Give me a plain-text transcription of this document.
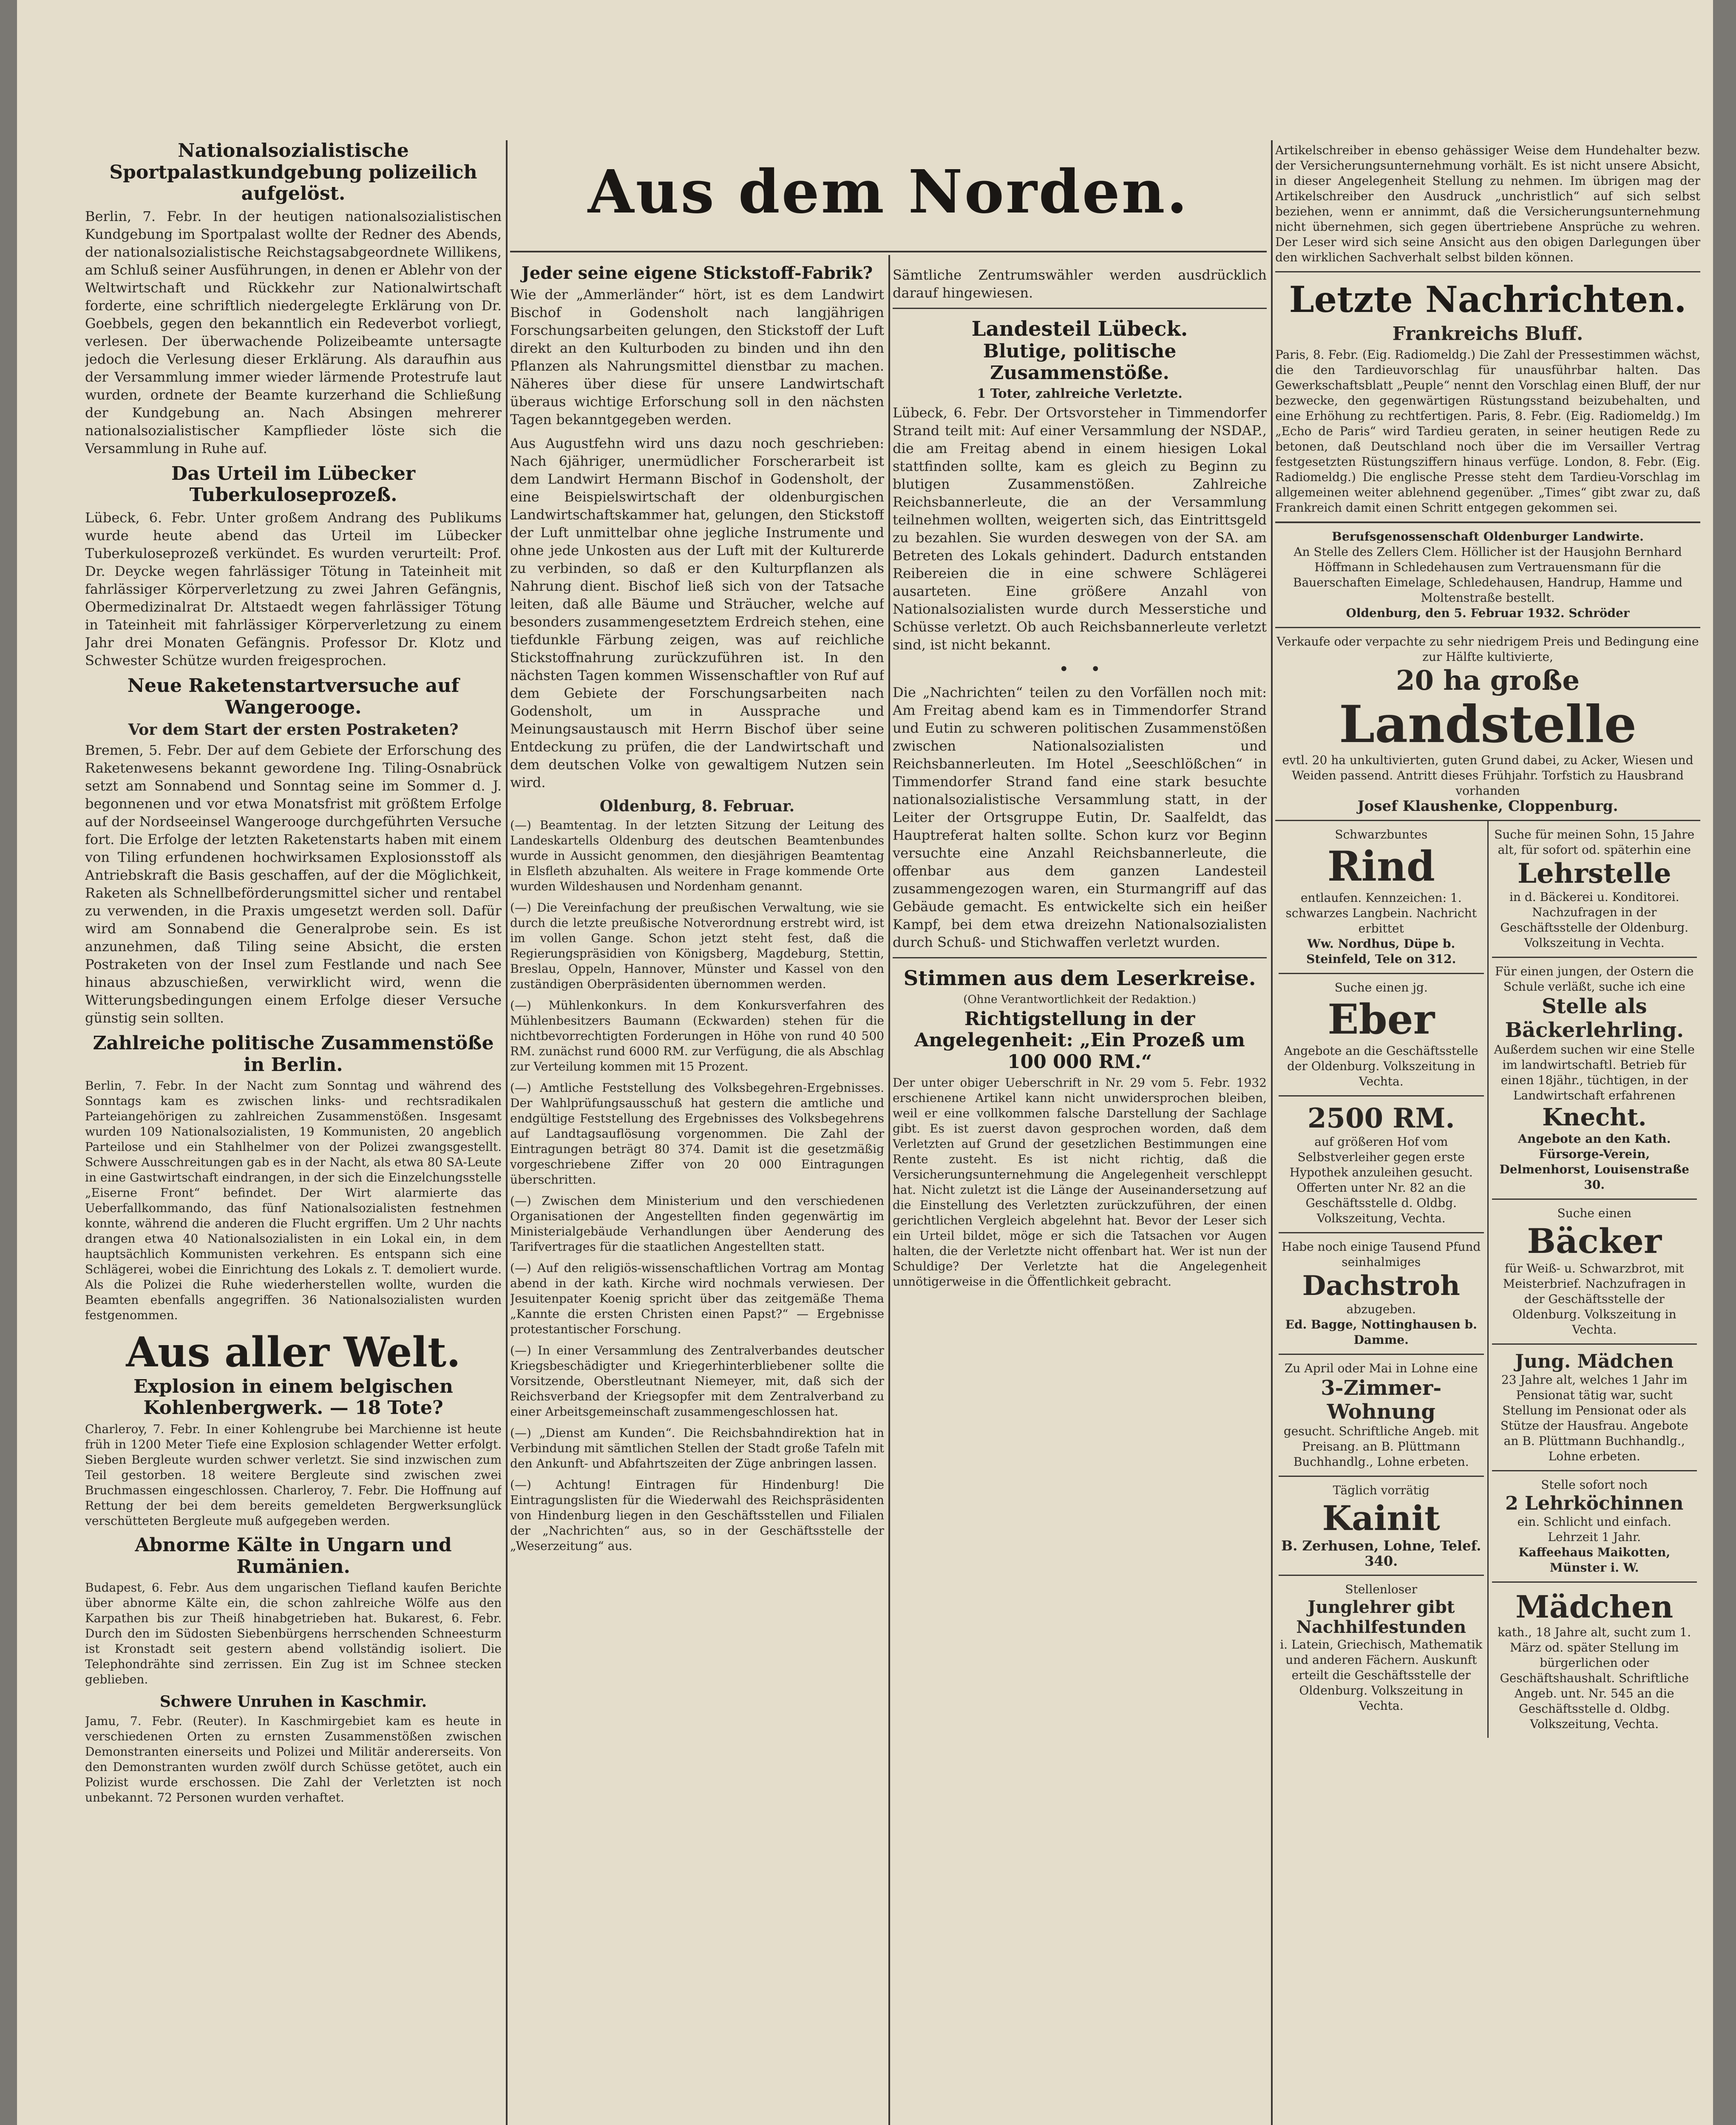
Aus dem Norden.
Nationalsozialistische Sportpalastkundgebung polizeilich aufgelöst.

Berlin, 7. Febr. In der heutigen nationalsozialistischen Kundgebung im Sportpalast wollte der Redner des Abends, der nationalsozialistische Reichstagsabgeordnete Willikens, am Schluß seiner Ausführungen, in denen er Ablehr von der Weltwirtschaft und Rückkehr zur Nationalwirtschaft forderte, eine schriftlich niedergelegte Erklärung von Dr. Goebbels, gegen den bekanntlich ein Redeverbot vorliegt, verlesen. Der überwachende Polizeibeamte untersagte jedoch die Verlesung dieser Erklärung. Als daraufhin aus der Versammlung immer wieder lärmende Protestrufe laut wurden, ordnete der Beamte kurzerhand die Schließung der Kundgebung an. Nach Absingen mehrerer nationalsozialistischer Kampflieder löste sich die Versammlung in Ruhe auf.

Das Urteil im Lübecker Tuberkuloseprozeß.

Lübeck, 6. Febr. Unter großem Andrang des Publikums wurde heute abend das Urteil im Lübecker Tuberkuloseprozeß verkündet. Es wurden verurteilt: Prof. Dr. Deycke wegen fahrlässiger Tötung in Tateinheit mit fahrlässiger Körperverletzung zu zwei Jahren Gefängnis, Obermedizinalrat Dr. Altstaedt wegen fahrlässiger Tötung in Tateinheit mit fahrlässiger Körperverletzung zu einem Jahr drei Monaten Gefängnis. Professor Dr. Klotz und Schwester Schütze wurden freigesprochen.

Neue Raketenstartversuche auf Wangerooge.
Vor dem Start der ersten Postraketen?

Bremen, 5. Febr. Der auf dem Gebiete der Erforschung des Raketenwesens bekannt gewordene Ing. Tiling-Osnabrück setzt am Sonnabend und Sonntag seine im Sommer d. J. begonnenen und vor etwa Monatsfrist mit größtem Erfolge auf der Nordseeinsel Wangerooge durchgeführten Versuche fort. Die Erfolge der letzten Raketenstarts haben mit einem von Tiling erfundenen hochwirksamen Explosionsstoff als Antriebskraft die Basis geschaffen, auf der die Möglichkeit, Raketen als Schnellbeförderungsmittel sicher und rentabel zu verwenden, in die Praxis umgesetzt werden soll. Dafür wird am Sonnabend die Generalprobe sein. Es ist anzunehmen, daß Tiling seine Absicht, die ersten Postraketen von der Insel zum Festlande und nach See hinaus abzuschießen, verwirklicht wird, wenn die Witterungsbedingungen einem Erfolge dieser Versuche günstig sein sollten.

Zahlreiche politische Zusammenstöße in Berlin.

Berlin, 7. Febr. In der Nacht zum Sonntag und während des Sonntags kam es zwischen links- und rechtsradikalen Parteiangehörigen zu zahlreichen Zusammenstößen. Insgesamt wurden 109 Nationalsozialisten, 19 Kommunisten, 20 angeblich Parteilose und ein Stahlhelmer von der Polizei zwangsgestellt. Schwere Ausschreitungen gab es in der Nacht, als etwa 80 SA-Leute in eine Gastwirtschaft eindrangen, in der sich die Einzelchungsstelle „Eiserne Front“ befindet. Der Wirt alarmierte das Ueberfallkommando, das fünf Nationalsozialisten festnehmen konnte, während die anderen die Flucht ergriffen. Um 2 Uhr nachts drangen etwa 40 Nationalsozialisten in ein Lokal ein, in dem hauptsächlich Kommunisten verkehren. Es entspann sich eine Schlägerei, wobei die Einrichtung des Lokals z. T. demoliert wurde. Als die Polizei die Ruhe wiederherstellen wollte, wurden die Beamten ebenfalls angegriffen. 36 Nationalsozialisten wurden festgenommen.

Aus aller Welt.
Explosion in einem belgischen Kohlenbergwerk. — 18 Tote?

Charleroy, 7. Febr. In einer Kohlengrube bei Marchienne ist heute früh in 1200 Meter Tiefe eine Explosion schlagender Wetter erfolgt. Sieben Bergleute wurden schwer verletzt. Sie sind inzwischen zum Teil gestorben. 18 weitere Bergleute sind zwischen zwei Bruchmassen eingeschlossen. Charleroy, 7. Febr. Die Hoffnung auf Rettung der bei dem bereits gemeldeten Bergwerksunglück verschütteten Bergleute muß aufgegeben werden.

Abnorme Kälte in Ungarn und Rumänien.

Budapest, 6. Febr. Aus dem ungarischen Tiefland kaufen Berichte über abnorme Kälte ein, die schon zahlreiche Wölfe aus den Karpathen bis zur Theiß hinabgetrieben hat. Bukarest, 6. Febr. Durch den im Südosten Siebenbürgens herrschenden Schneesturm ist Kronstadt seit gestern abend vollständig isoliert. Die Telephondrähte sind zerrissen. Ein Zug ist im Schnee stecken geblieben.

Schwere Unruhen in Kaschmir.

Jamu, 7. Febr. (Reuter). In Kaschmirgebiet kam es heute in verschiedenen Orten zu ernsten Zusammenstößen zwischen Demonstranten einerseits und Polizei und Militär andererseits. Von den Demonstranten wurden zwölf durch Schüsse getötet, auch ein Polizist wurde erschossen. Die Zahl der Verletzten ist noch unbekannt. 72 Personen wurden verhaftet.

Jeder seine eigene Stickstoff-Fabrik?

Wie der „Ammerländer“ hört, ist es dem Landwirt Bischof in Godensholt nach langjährigen Forschungsarbeiten gelungen, den Stickstoff der Luft direkt an den Kulturboden zu binden und ihn den Pflanzen als Nahrungsmittel dienstbar zu machen. Näheres über diese für unsere Landwirtschaft überaus wichtige Erforschung soll in den nächsten Tagen bekanntgegeben werden.

Aus Augustfehn wird uns dazu noch geschrieben: Nach 6jähriger, unermüdlicher Forscherarbeit ist dem Landwirt Hermann Bischof in Godensholt, der eine Beispielswirtschaft der oldenburgischen Landwirtschaftskammer hat, gelungen, den Stickstoff der Luft unmittelbar ohne jegliche Instrumente und ohne jede Unkosten aus der Luft mit der Kulturerde zu verbinden, so daß er den Kulturpflanzen als Nahrung dient. Bischof ließ sich von der Tatsache leiten, daß alle Bäume und Sträucher, welche auf besonders zusammengesetztem Erdreich stehen, eine tiefdunkle Färbung zeigen, was auf reichliche Stickstoffnahrung zurückzuführen ist. In den nächsten Tagen kommen Wissenschaftler von Ruf auf dem Gebiete der Forschungsarbeiten nach Godensholt, um in Aussprache und Meinungsaustausch mit Herrn Bischof über seine Entdeckung zu prüfen, die der Landwirtschaft und dem deutschen Volke von gewaltigem Nutzen sein wird.

Oldenburg, 8. Februar.

(—) Beamtentag. In der letzten Sitzung der Leitung des Landeskartells Oldenburg des deutschen Beamtenbundes wurde in Aussicht genommen, den diesjährigen Beamtentag in Elsfleth abzuhalten. Als weitere in Frage kommende Orte wurden Wildeshausen und Nordenham genannt.

(—) Die Vereinfachung der preußischen Verwaltung, wie sie durch die letzte preußische Notverordnung erstrebt wird, ist im vollen Gange. Schon jetzt steht fest, daß die Regierungspräsidien von Königsberg, Magdeburg, Stettin, Breslau, Oppeln, Hannover, Münster und Kassel von den zuständigen Oberpräsidenten übernommen werden.

(—) Mühlenkonkurs. In dem Konkursverfahren des Mühlenbesitzers Baumann (Eckwarden) stehen für die nichtbevorrechtigten Forderungen in Höhe von rund 40 500 RM. zunächst rund 6000 RM. zur Verfügung, die als Abschlag zur Verteilung kommen mit 15 Prozent.

(—) Amtliche Feststellung des Volksbegehren-Ergebnisses. Der Wahlprüfungsausschuß hat gestern die amtliche und endgültige Feststellung des Ergebnisses des Volksbegehrens auf Landtagsauflösung vorgenommen. Die Zahl der Eintragungen beträgt 80 374. Damit ist die gesetzmäßig vorgeschriebene Ziffer von 20 000 Eintragungen überschritten.

(—) Zwischen dem Ministerium und den verschiedenen Organisationen der Angestellten finden gegenwärtig im Ministerialgebäude Verhandlungen über Aenderung des Tarifvertrages für die staatlichen Angestellten statt.

(—) Auf den religiös-wissenschaftlichen Vortrag am Montag abend in der kath. Kirche wird nochmals verwiesen. Der Jesuitenpater Koenig spricht über das zeitgemäße Thema „Kannte die ersten Christen einen Papst?“ — Ergebnisse protestantischer Forschung.

(—) In einer Versammlung des Zentralverbandes deutscher Kriegsbeschädigter und Kriegerhinterbliebener sollte die Vorsitzende, Oberstleutnant Niemeyer, mit, daß sich der Reichsverband der Kriegsopfer mit dem Zentralverband zu einer Arbeitsgemeinschaft zusammengeschlossen hat.

(—) „Dienst am Kunden“. Die Reichsbahndirektion hat in Verbindung mit sämtlichen Stellen der Stadt große Tafeln mit den Ankunft- und Abfahrtszeiten der Züge anbringen lassen.

(—) Achtung! Eintragen für Hindenburg! Die Eintragungslisten für die Wiederwahl des Reichspräsidenten von Hindenburg liegen in den Geschäftsstellen und Filialen der „Nachrichten“ aus, so in der Geschäftsstelle der „Weserzeitung“ aus.

Sämtliche Zentrumswähler werden ausdrücklich darauf hingewiesen.

Landesteil Lübeck.
Blutige, politische Zusammenstöße.
1 Toter, zahlreiche Verletzte.

Lübeck, 6. Febr. Der Ortsvorsteher in Timmendorfer Strand teilt mit: Auf einer Versammlung der NSDAP., die am Freitag abend in einem hiesigen Lokal stattfinden sollte, kam es gleich zu Beginn zu blutigen Zusammenstößen. Zahlreiche Reichsbannerleute, die an der Versammlung teilnehmen wollten, weigerten sich, das Eintrittsgeld zu bezahlen. Sie wurden deswegen von der SA. am Betreten des Lokals gehindert. Dadurch entstanden Reibereien die in eine schwere Schlägerei ausarteten. Eine größere Anzahl von Nationalsozialisten wurde durch Messerstiche und Schüsse verletzt. Ob auch Reichsbannerleute verletzt sind, ist nicht bekannt.

•    •

Die „Nachrichten“ teilen zu den Vorfällen noch mit: Am Freitag abend kam es in Timmendorfer Strand und Eutin zu schweren politischen Zusammenstößen zwischen Nationalsozialisten und Reichsbannerleuten. Im Hotel „Seeschlößchen“ in Timmendorfer Strand fand eine stark besuchte nationalsozialistische Versammlung statt, in der Leiter der Ortsgruppe Eutin, Dr. Saalfeldt, das Hauptreferat halten sollte. Schon kurz vor Beginn versuchte eine Anzahl Reichsbannerleute, die offenbar aus dem ganzen Landesteil zusammengezogen waren, ein Sturmangriff auf das Gebäude gemacht. Es entwickelte sich ein heißer Kampf, bei dem etwa dreizehn Nationalsozialisten durch Schuß- und Stichwaffen verletzt wurden.

Stimmen aus dem Leserkreise.
(Ohne Verantwortlichkeit der Redaktion.)
Richtigstellung in der Angelegenheit: „Ein Prozeß um 100 000 RM.“

Der unter obiger Ueberschrift in Nr. 29 vom 5. Febr. 1932 erschienene Artikel kann nicht unwidersprochen bleiben, weil er eine vollkommen falsche Darstellung der Sachlage gibt. Es ist zuerst davon gesprochen worden, daß dem Verletzten auf Grund der gesetzlichen Bestimmungen eine Rente zusteht. Es ist nicht richtig, daß die Versicherungsunternehmung die Angelegenheit verschleppt hat. Nicht zuletzt ist die Länge der Auseinandersetzung auf die Einstellung des Verletzten zurückzuführen, der einen gerichtlichen Vergleich abgelehnt hat. Bevor der Leser sich ein Urteil bildet, möge er sich die Tatsachen vor Augen halten, die der Verletzte nicht offenbart hat. Wer ist nun der Schuldige? Der Verletzte hat die Angelegenheit unnötigerweise in die Öffentlichkeit gebracht.

Artikelschreiber in ebenso gehässiger Weise dem Hundehalter bezw. der Versicherungsunternehmung vorhält. Es ist nicht unsere Absicht, in dieser Angelegenheit Stellung zu nehmen. Im übrigen mag der Artikelschreiber den Ausdruck „unchristlich“ auf sich selbst beziehen, wenn er annimmt, daß die Versicherungsunternehmung nicht übernehmen, sich gegen übertriebene Ansprüche zu wehren. Der Leser wird sich seine Ansicht aus den obigen Darlegungen über den wirklichen Sachverhalt selbst bilden können.

Letzte Nachrichten.
Frankreichs Bluff.

Paris, 8. Febr. (Eig. Radiomeldg.) Die Zahl der Pressestimmen wächst, die den Tardieuvorschlag für unausführbar halten. Das Gewerkschaftsblatt „Peuple“ nennt den Vorschlag einen Bluff, der nur bezwecke, den gegenwärtigen Rüstungsstand beizubehalten, und eine Erhöhung zu rechtfertigen. Paris, 8. Febr. (Eig. Radiomeldg.) Im „Echo de Paris“ wird Tardieu geraten, in seiner heutigen Rede zu betonen, daß Deutschland noch über die im Versailler Vertrag festgesetzten Rüstungsziffern hinaus verfüge. London, 8. Febr. (Eig. Radiomeldg.) Die englische Presse steht dem Tardieu-Vorschlag im allgemeinen weiter ablehnend gegenüber. „Times“ gibt zwar zu, daß Frankreich damit einen Schritt entgegen gekommen sei.

Berufsgenossenschaft Oldenburger Landwirte.
An Stelle des Zellers Clem. Höllicher ist der Hausjohn Bernhard Höffmann in Schledehausen zum Vertrauensmann für die Bauerschaften Eimelage, Schledehausen, Handrup, Hamme und Moltenstraße bestellt.
Oldenburg, den 5. Februar 1932. Schröder
Verkaufe oder verpachte zu sehr niedrigem Preis und Bedingung eine zur Hälfte kultivierte,
20 ha große
Landstelle
evtl. 20 ha unkultivierten, guten Grund dabei, zu Acker, Wiesen und Weiden passend. Antritt dieses Frühjahr. Torfstich zu Hausbrand vorhanden
Josef Klaushenke, Cloppenburg.
Schwarzbuntes
Rind
entlaufen. Kennzeichen: 1. schwarzes Langbein. Nachricht erbittet
Ww. Nordhus, Düpe b. Steinfeld, Tele on 312.
Suche einen jg.
Eber
Angebote an die Geschäftsstelle der Oldenburg. Volkszeitung in Vechta.
2500 RM.
auf größeren Hof vom Selbstverleiher gegen erste Hypothek anzuleihen gesucht. Offerten unter Nr. 82 an die Geschäftsstelle d. Oldbg. Volkszeitung, Vechta.
Habe noch einige Tausend Pfund seinhalmiges
Dachstroh
abzugeben.
Ed. Bagge, Nottinghausen b. Damme.
Zu April oder Mai in Lohne eine
3-Zimmer-Wohnung
gesucht. Schriftliche Angeb. mit Preisang. an B. Plüttmann Buchhandlg., Lohne erbeten.
Täglich vorrätig
Kainit
B. Zerhusen, Lohne, Telef. 340.
Stellenloser
Junglehrer gibt Nachhilfestunden
i. Latein, Griechisch, Mathematik und anderen Fächern. Auskunft erteilt die Geschäftsstelle der Oldenburg. Volkszeitung in Vechta.
Suche für meinen Sohn, 15 Jahre alt, für sofort od. späterhin eine
Lehrstelle
in d. Bäckerei u. Konditorei. Nachzufragen in der Geschäftsstelle der Oldenburg. Volkszeitung in Vechta.
Für einen jungen, der Ostern die Schule verläßt, suche ich eine
Stelle als Bäckerlehrling.
Außerdem suchen wir eine Stelle im landwirtschaftl. Betrieb für einen 18jähr., tüchtigen, in der Landwirtschaft erfahrenen
Knecht.
Angebote an den Kath. Fürsorge-Verein, Delmenhorst, Louisenstraße 30.
Suche einen
Bäcker
für Weiß- u. Schwarzbrot, mit Meisterbrief. Nachzufragen in der Geschäftsstelle der Oldenburg. Volkszeitung in Vechta.
Jung. Mädchen
23 Jahre alt, welches 1 Jahr im Pensionat tätig war, sucht Stellung im Pensionat oder als Stütze der Hausfrau. Angebote an B. Plüttmann Buchhandlg., Lohne erbeten.
Stelle sofort noch
2 Lehrköchinnen
ein. Schlicht und einfach. Lehrzeit 1 Jahr.
Kaffeehaus Maikotten, Münster i. W.
Mädchen
kath., 18 Jahre alt, sucht zum 1. März od. später Stellung im bürgerlichen oder Geschäftshaushalt. Schriftliche Angeb. unt. Nr. 545 an die Geschäftsstelle d. Oldbg. Volkszeitung, Vechta.
